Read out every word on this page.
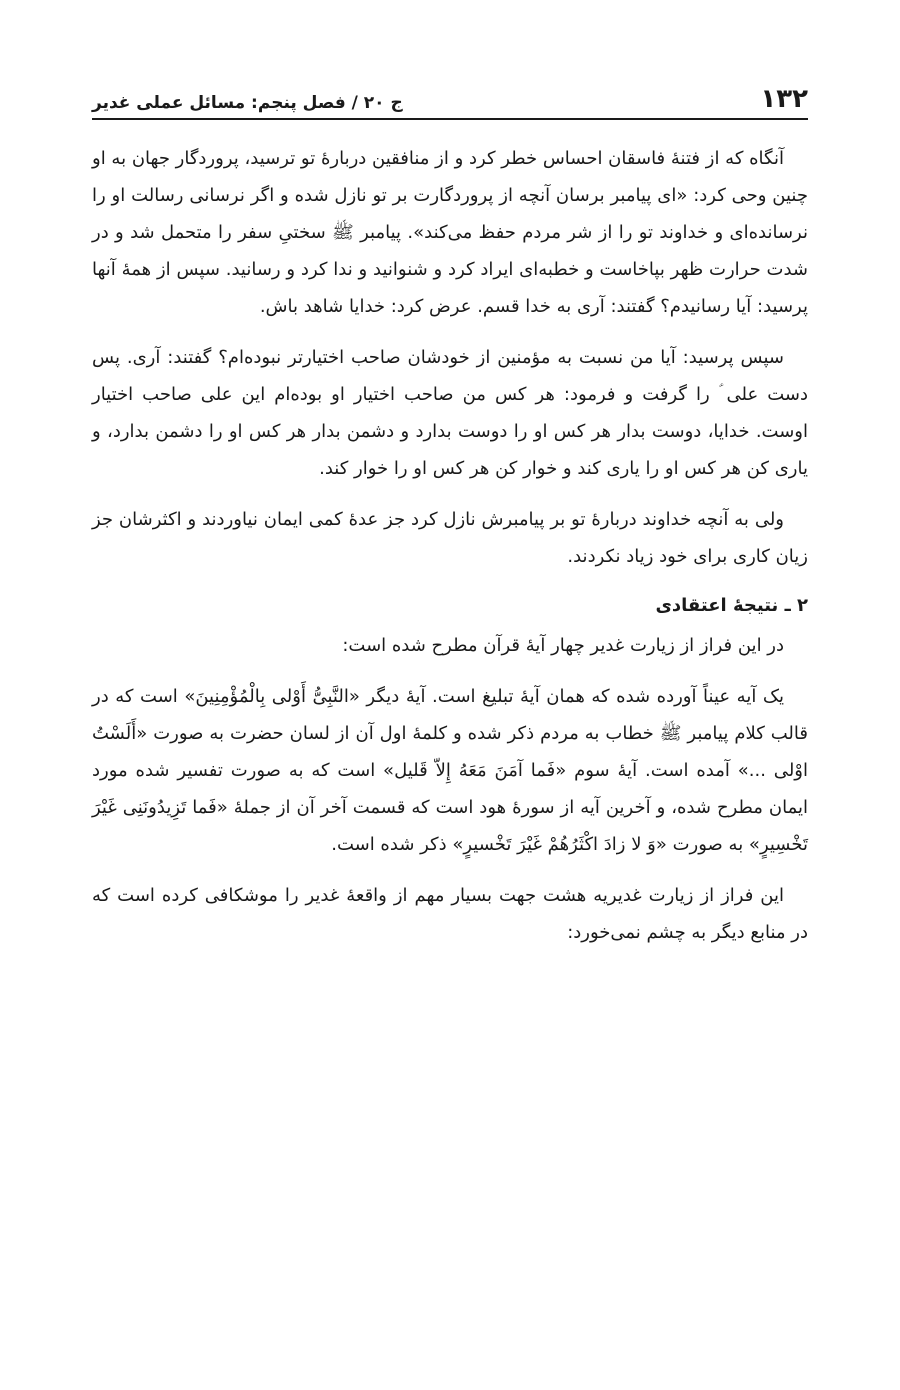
۱۳۲
ج ۲۰ / فصل پنجم: مسائل عملی غدیر

آنگاه که از فتنهٔ فاسقان احساس خطر کرد و از منافقین دربارهٔ تو ترسید، پروردگار جهان به او چنین وحی کرد: «ای پیامبر برسان آنچه از پروردگارت بر تو نازل شده و اگر نرسانی رسالت او را نرسانده‌ای و خداوند تو را از شر مردم حفظ می‌کند». پیامبر ﷺ سختیِ سفر را متحمل شد و در شدت حرارت ظهر بپاخاست و خطبه‌ای ایراد کرد و شنوانید و ندا کرد و رسانید. سپس از همهٔ آنها پرسید: آیا رسانیدم؟ گفتند: آری به خدا قسم. عرض کرد: خدایا شاهد باش.

سپس پرسید: آیا من نسبت به مؤمنین از خودشان صاحب اختیارتر نبوده‌ام؟ گفتند: آری. پس دست علی ؑ را گرفت و فرمود: هر کس من صاحب اختیار او بوده‌ام این علی صاحب اختیار اوست. خدایا، دوست بدار هر کس او را دوست بدارد و دشمن بدار هر کس او را دشمن بدارد، و یاری کن هر کس او را یاری کند و خوار کن هر کس او را خوار کند.

ولی به آنچه خداوند دربارهٔ تو بر پیامبرش نازل کرد جز عدهٔ کمی ایمان نیاوردند و اکثرشان جز زیان کاری برای خود زیاد نکردند.

۲ ـ نتیجهٔ اعتقادی

در این فراز از زیارت غدیر چهار آیهٔ قرآن مطرح شده است:

یک آیه عیناً آورده شده که همان آیهٔ تبلیغ است. آیهٔ دیگر «النَّبِیُّ أَوْلی بِالْمُؤْمِنِینَ» است که در قالب کلام پیامبر ﷺ خطاب به مردم ذکر شده و کلمهٔ اول آن از لسان حضرت به صورت «أَلَسْتُ اوْلی ...» آمده است. آیهٔ سوم «فَما آمَنَ مَعَهُ إِلاّ قَلیل» است که به صورت تفسیر شده مورد ایمان مطرح شده، و آخرین آیه از سورهٔ هود است که قسمت آخر آن از جملهٔ «فَما تَزِیدُونَنِی غَیْرَ تَخْسِیرٍ» به صورت «وَ لا زادَ اکْثَرُهُمْ غَیْرَ تَخْسیرٍ» ذکر شده است.

این فراز از زیارت غدیریه هشت جهت بسیار مهم از واقعهٔ غدیر را موشکافی کرده است که در منابع دیگر به چشم نمی‌خورد:
